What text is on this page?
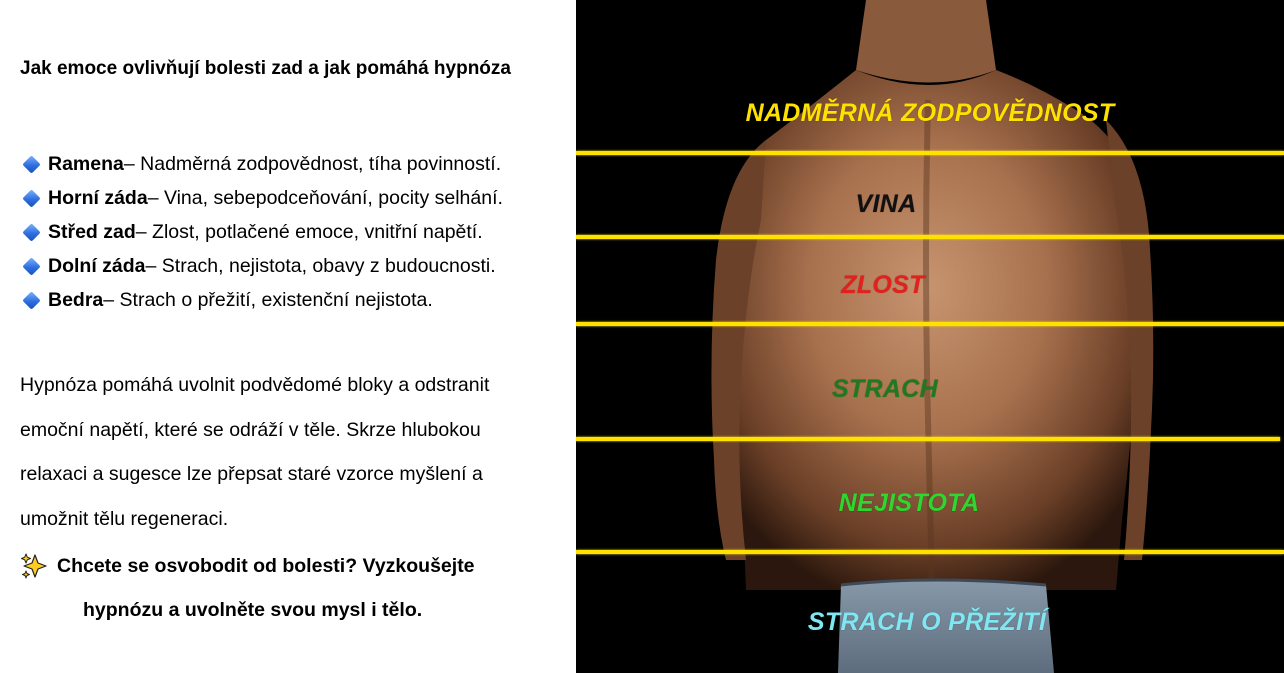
Jak emoce ovlivňují bolesti zad a jak pomáhá hypnóza
Ramena – Nadměrná zodpovědnost, tíha povinností.
Horní záda – Vina, sebepodceňování, pocity selhání.
Střed zad – Zlost, potlačené emoce, vnitřní napětí.
Dolní záda – Strach, nejistota, obavy z budoucnosti.
Bedra – Strach o přežití, existenční nejistota.
Hypnóza pomáhá uvolnit podvědomé bloky a odstranit
emoční napětí, které se odráží v těle. Skrze hlubokou
relaxaci a sugesce lze přepsat staré vzorce myšlení a
umožnit tělu regeneraci.
Chcete se osvobodit od bolesti? Vyzkoušejte
hypnózu a uvolněte svou mysl i tělo.
NADMĚRNÁ ZODPOVĚDNOST
VINA
ZLOST
STRACH
NEJISTOTA
STRACH O PŘEŽITÍ
